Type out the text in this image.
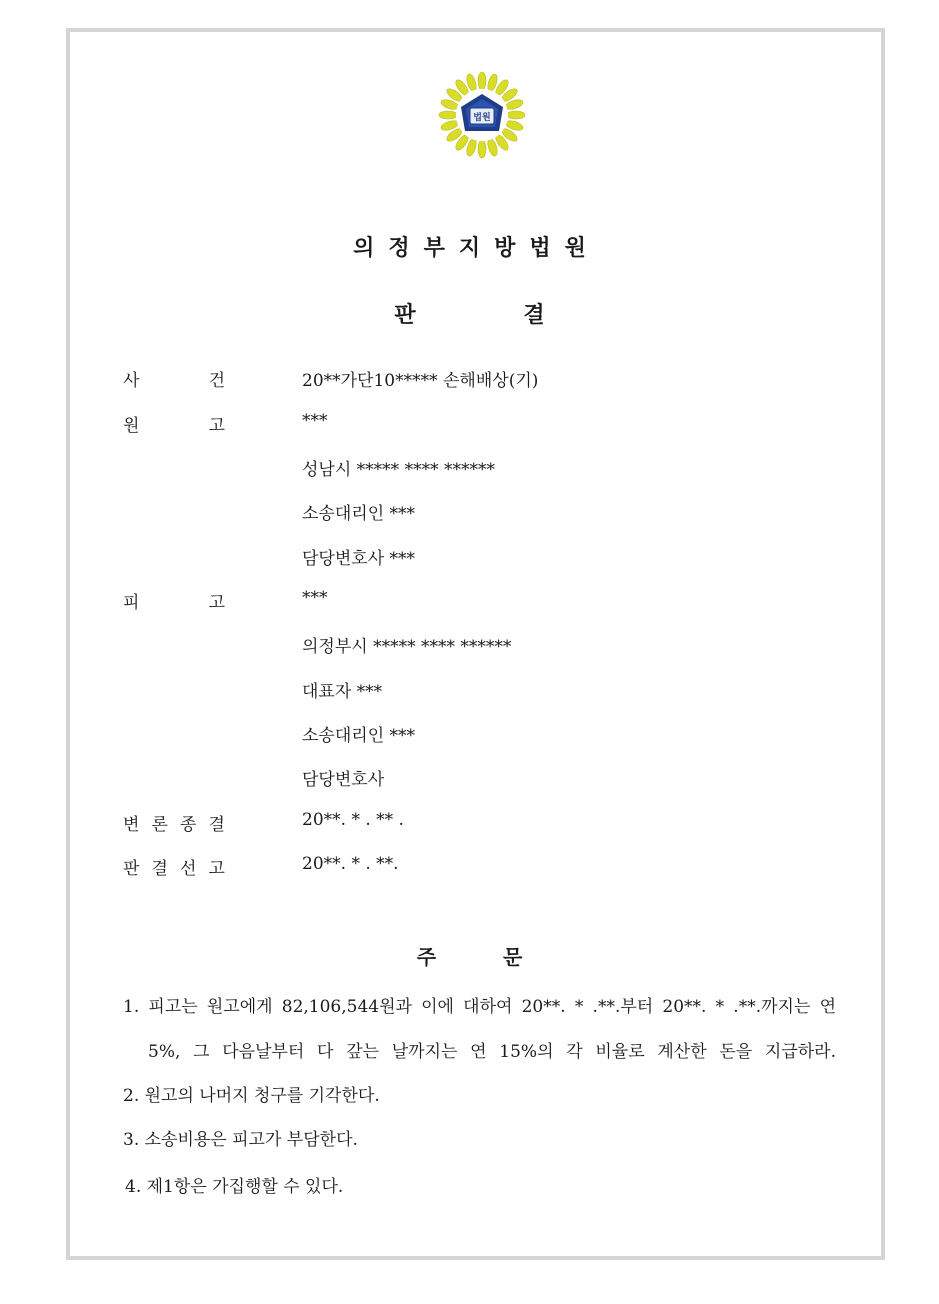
법원
의정부지방법원
판 결
사	건	20**가단10***** 손해배상(기)
원	고	***
성남시 ***** **** ******
소송대리인 ***
담당변호사 ***
피	고	***
의정부시 ***** **** ******
대표자 ***
소송대리인 ***
담당변호사
변 론 종 결	20**. * . ** .
판 결 선 고	20**. * . **.
주 문
1. 피고는 원고에게 82,106,544원과 이에 대하여 20**. * .**.부터 20**. * .**.까지는 연
5%, 그 다음날부터 다 갚는 날까지는 연 15%의 각 비율로 계산한 돈을 지급하라.
2. 원고의 나머지 청구를 기각한다.
3. 소송비용은 피고가 부담한다.
4. 제1항은 가집행할 수 있다.
